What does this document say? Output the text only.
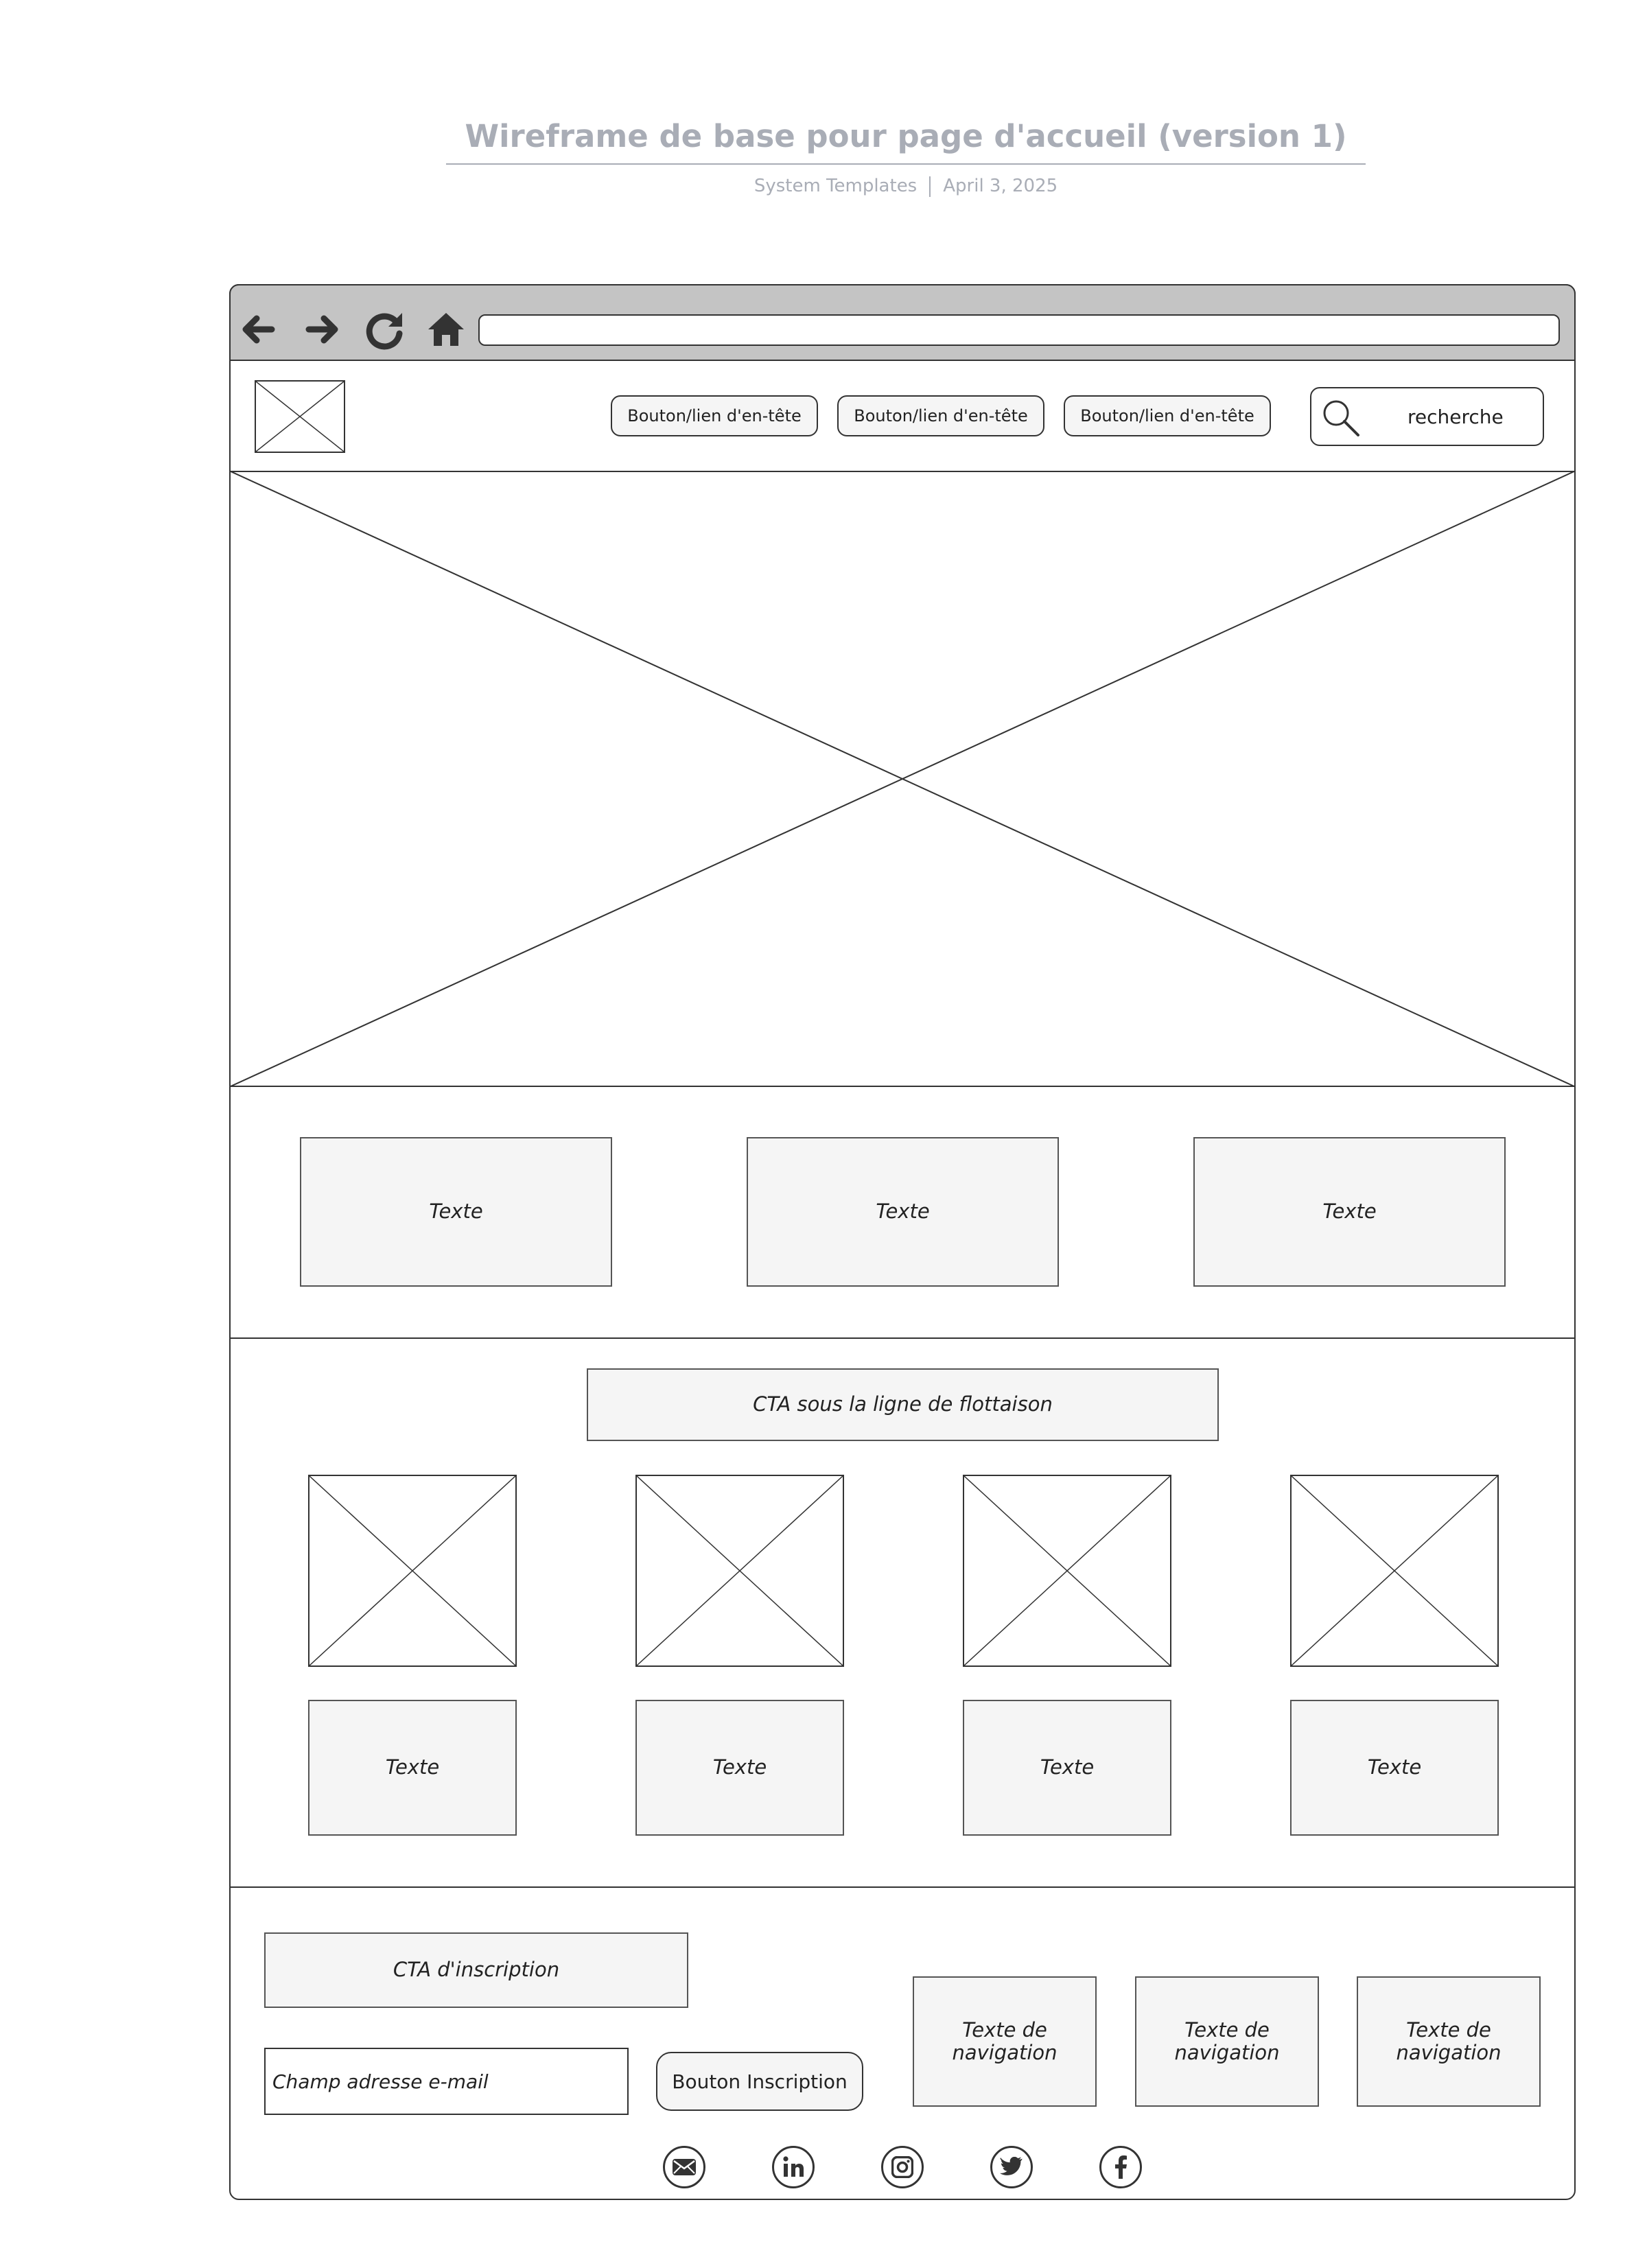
Wireframe de base pour page d'accueil (version 1)
System Templates April 3, 2025
Bouton/lien d'en-tête	Bouton/lien d'en-tête	Bouton/lien d'en-tête	recherche
Texte	Texte	Texte
CTA sous la ligne de flottaison
Texte	Texte	Texte	Texte
CTA d'inscription
Champ adresse e-mail	Bouton Inscription
Texte de navigation
Texte de navigation
Texte de navigation
